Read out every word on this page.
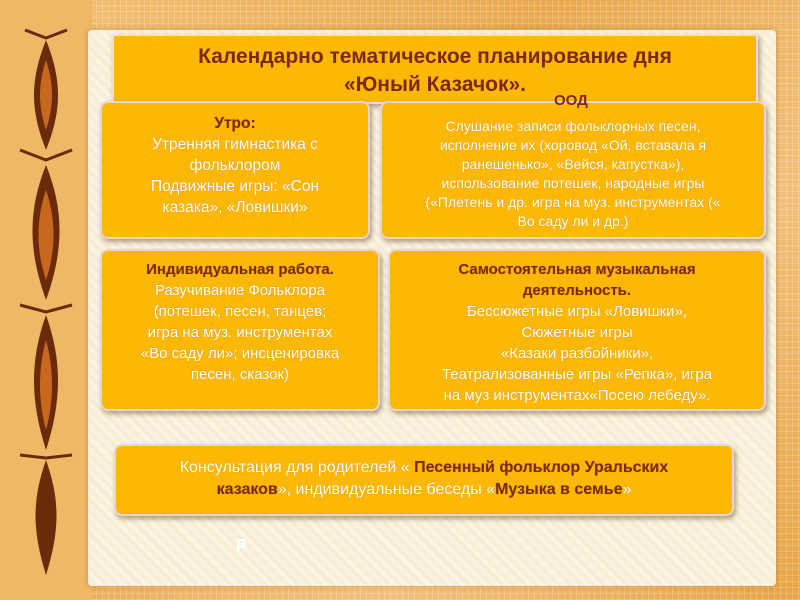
Календарно тематическое планирование дня
«Юный Казачок».
Утро:
Утренняя гимнастика с
фольклором
Подвижные игры: «Сон
казака», «Ловишки»
Слушание записи фольклорных песен,
исполнение их (хоровод «Ой, вставала я
ранешенько», «Вейся, капустка»),
использование потешек, народные игры
(«Плетень и др. игра на муз. инструментах («
Во саду ли и др.)
ООД
Индивидуальная работа.
Разучивание Фольклора
(потешек, песен, танцев;
игра на муз. инструментах
«Во саду ли»; инсценировка
песен, сказок)
Самостоятельная музыкальная
деятельность.
Бессюжетные игры «Ловишки»,
Сюжетные игры
«Казаки разбойники»,
Театрализованные игры «Репка», игра
на муз инструментах«Посею лебеду».
Консультация для родителей « Песенный фольклор Уральских
казаков», индивидуальные беседы «Музыка в семье»
р
